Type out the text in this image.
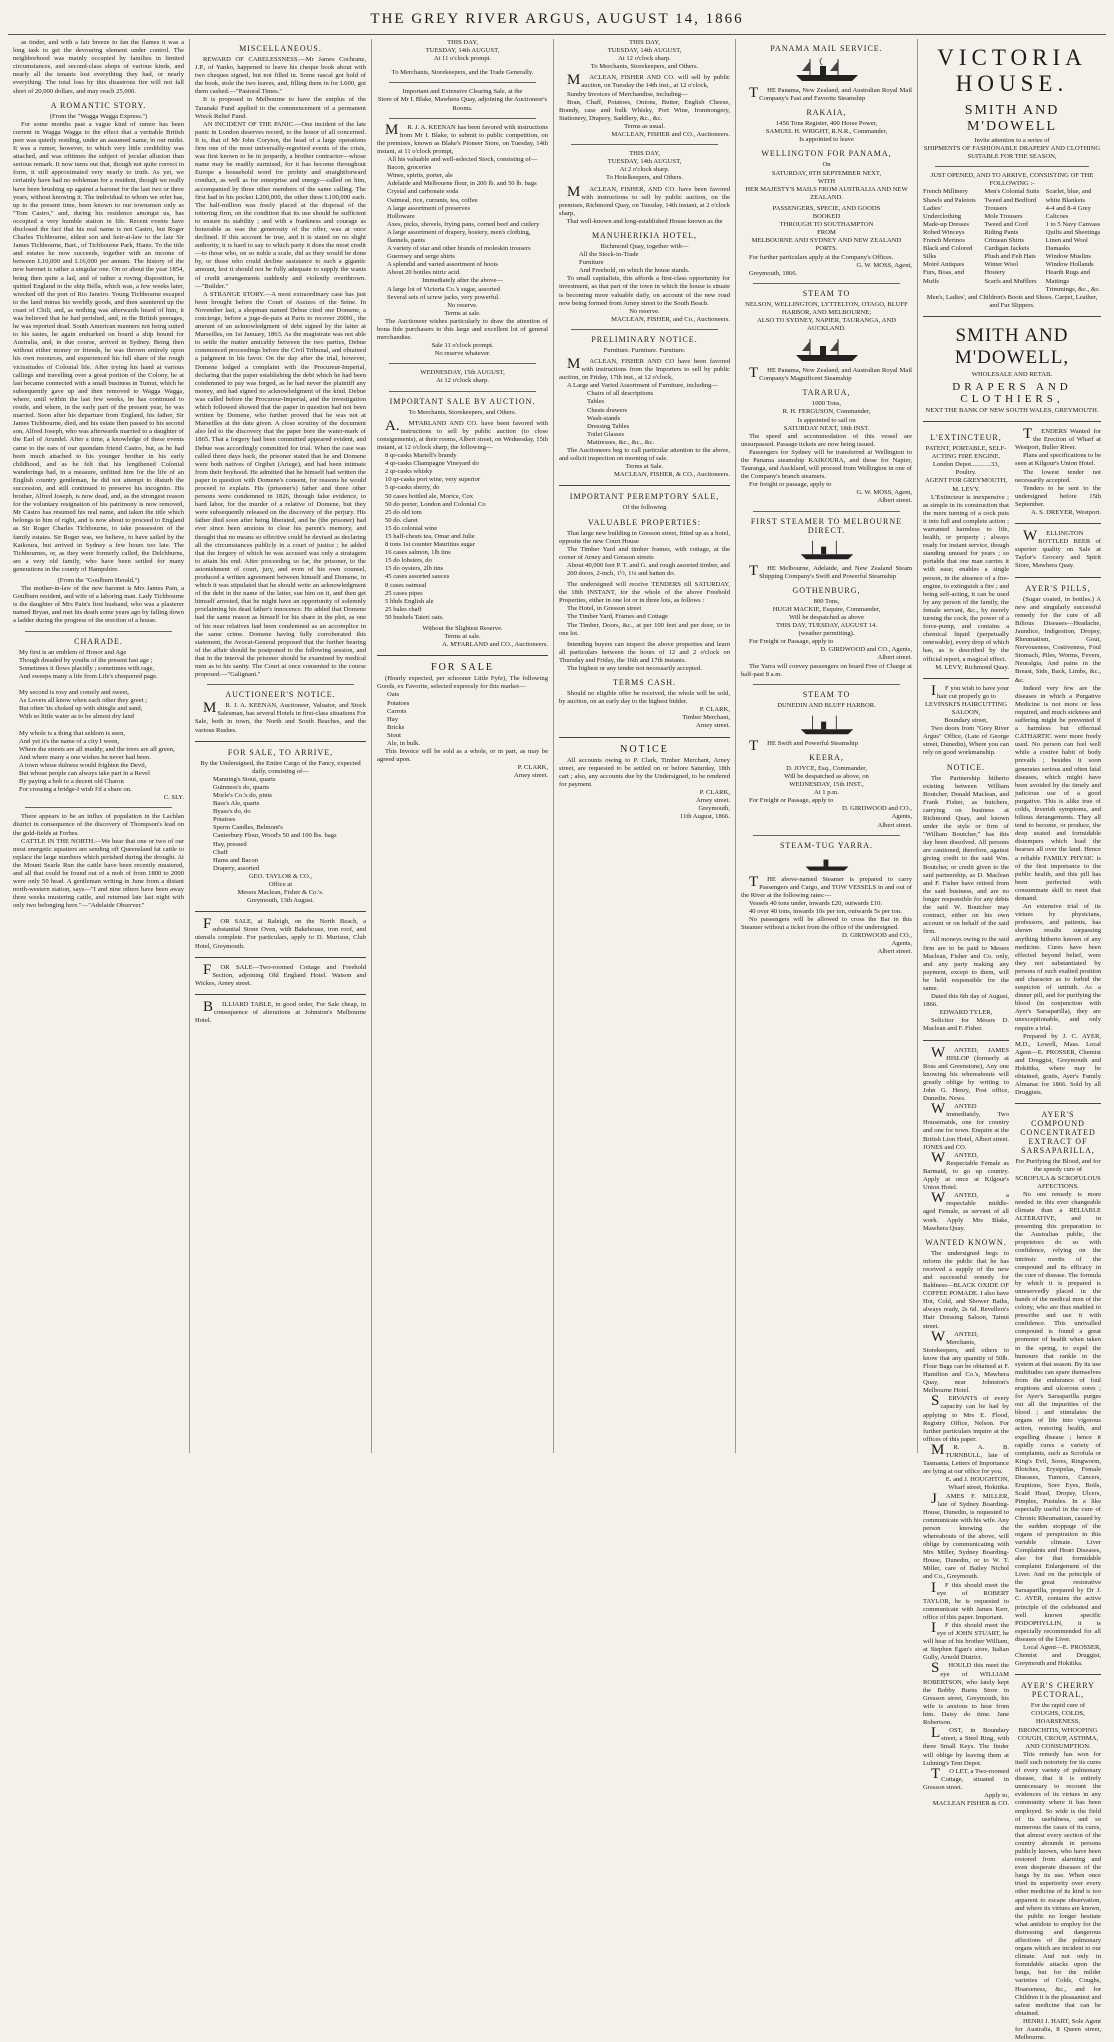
THE GREY RIVER ARGUS, AUGUST 14, 1866

as tinder, and with a fair breeze to fan the flames it was a long task to get the devouring element under control. The neighborhood was mainly occupied by families in limited circumstances, and second-class shops of various kinds, and nearly all the tenants lost everything they had, or nearly everything. The total loss by this disastrous fire will not fall short of 20,000 dollars, and may reach 25,000.

A ROMANTIC STORY.

(From the "Wagga Wagga Express.")

For some months past a vague kind of rumor has been current in Wagga Wagga to the effect that a veritable British peer was quietly residing, under an assumed name, in our midst. It was a rumor, however, to which very little credibility was attached, and was ofttimes the subject of jocular allusion than serious remark. It now turns out that, though not quite correct in form, it still approximated very nearly to truth. As yet, we certainly have had no nobleman for a resident, though we really have been brushing up against a baronet for the last two or three years, without knowing it. The individual to whom we refer has, up to the present time, been known to our townsmen only as "Tom Castro," and, during his residence amongst us, has occupied a very humble station in life. Recent events have disclosed the fact that his real name is not Castro, but Roger Charles Tichbourne, eldest son and heir-at-law to the late Sir James Tichbourne, Bart., of Tichbourne Park, Hants. To the title and estates he now succeeds, together with an income of between L10,000 and L16,000 per annum. The history of the new baronet is rather a singular one. On or about the year 1854, being then quite a lad, and of rather a roving disposition, he quitted England in the ship Bella, which was, a few weeks later, wrecked off the port of Rio Janeiro. Young Tichbourne escaped to the land minus his worldly goods, and then sauntered up the coast of Chili, and, as nothing was afterwards heard of him, it was believed that he had perished, and, in the British peerages, he was reported dead. South American manners not being suited to his tastes, he again embarked on board a ship bound for Australia, and, in due course, arrived in Sydney. Being then without either money or friends, he was thrown entirely upon his own resources, and experienced his full share of the rough vicissitudes of Colonial life. After trying his hand at various callings and travelling over a great portion of the Colony, he at last became connected with a small business in Tumut, which he subsequently gave up and then removed to Wagga Wagga, where, until within the last few weeks, he has continued to reside, and where, in the early part of the present year, he was married. Soon after his departure from England, his father, Sir James Tichbourne, died, and his estate then passed to his second son, Alfred Joseph, who was afterwards married to a daughter of the Earl of Arundel. After a time, a knowledge of these events came to the ears of our quondam friend Castro, but, as he had been much attached to his younger brother in his early childhood, and as he felt that his lengthened Colonial wanderings had, in a measure, unfitted him for the life of an English country gentleman, he did not attempt to disturb the succession, and still continued to preserve his incognito. His brother, Alfred Joseph, is now dead, and, as the strongest reason for the voluntary resignation of his patrimony is now removed, Mr Castro has resumed his real name, and taken the title which belongs to him of right, and is now about to proceed to England as Sir Roger Charles Tichbourne, to take possession of the family estates. Sir Roger was, we believe, to have sailed by the Kaikoura, but arrived in Sydney a few hours too late. The Tichbournes, or, as they were formerly called, the Delchburns, are a very old family, who have been settled for many generations in the county of Hampshire.

(From the "Goulburn Herald.")

The mother-in-law of the new baronet is Mrs James Pain, a Goulburn resident, and wife of a laboring man. Lady Tichbourne is the daughter of Mrs Pain's first husband, who was a plasterer named Bryan, and met his death some years ago by falling down a ladder during the progress of the erection of a house.

CHARADE.
My first is an emblem of Honor and Age
Though dreaded by youths of the present fast age ;
Sometimes it flows placidly ; sometimes with rage,
And sweeps many a life from Life's chequered page.

My second is rosy and comely and sweet,
As Lovers all know when each other they greet ;
But often 'tis choked up with shingle and sand,
With so little water as to be almost dry land

My whole is a thing that seldom is seen,
And yet it's the name of a city I ween,
Where the streets are all muddy, and the trees are all green,
And where many a one wishes he never had been.
A town whose dulness would frighten the Devil,
But whose people can always take part in a Revel
By paying a bob to a decent old Charon
For crossing a bridge-I wish I'd a share on.

C. SLY.

There appears to be an influx of population in the Lachlan district in consequence of the discovery of Thompson's lead on the gold-fields at Forbes.

CATTLE IN THE NORTH.—We hear that one or two of our most energetic squatters are sending off Queensland fat cattle to replace the large numbers which perished during the drought. At the Mount Searle Run the cattle have been recently mustered, and all that could be found out of a mob of from 1800 to 2000 were only 50 head. A gentleman writing in June from a distant north-western station, says—"I and nine others have been away three weeks mustering cattle, and returned late last night with only two belonging here."—"Adelaide Observer."

MISCELLANEOUS.

REWARD OF CARELESSNESS.—Mr James Cochrane, J.P., of Yanko, happened to leave his cheque book about with two cheques signed, but not filled in. Some rascal got hold of the book, stole the two leaves, and, filling them in for L600, got them cashed.—"Pastoral Times."

It is proposed in Melbourne to have the surplus of the Taranaki Fund applied to the commencement of a permanent Wreck Relief Fund.

AN INCIDENT OF THE PANIC.—One incident of the late panic in London deserves record, to the honor of all concerned. It is, that of Mr John Coryton, the head of a large operations firm one of the most universally-regretted events of the crisis, was first known to be in jeopardy, a brother contractor—whose name may be readily surmised, for it has become throughout Europe a household word for probity and straightforward conduct, as well as for enterprise and energy—called on him, accompanied by three other members of the same calling. The first had in his pocket L200,000, the other three L100,000 each. The half-million was freely placed at the disposal of the tottering firm, on the condition that its use should be sufficient to ensure its stability ; and with a frankness and courage as honorable as was the generosity of the offer, was at once declined. If this account be true, and it is stated on no slight authority, it is hard to say to which party it does the most credit—to those who, on so noble a scale, did as they would be done by, or those who could decline assistance to such a gigantic amount, lest it should not be fully adequate to supply the wants of credit arrangements suddenly and violently overthrown.—"Builder."

A STRANGE STORY.—A most extraordinary case has just been brought before the Court of Assizes of the Seine. In November last, a shopman named Debue cited one Domene, a concierge, before a juge-de-paix at Paris to recover 2000f., the amount of an acknowledgment of debt signed by the latter at Marseilles, on 1st January, 1863. As the magistrate was not able to settle the matter amicably between the two parties, Debue commenced proceedings before the Civil Tribunal, and obtained a judgment in his favor. On the day after the trial, however, Domene lodged a complaint with the Procureur-Imperial, declaring that the paper establishing the debt which he had been condemned to pay was forged, as he had never the plaintiff any money, and had signed no acknowledgment of the kind. Debue was called before the Procureur-Imperial, and the investigation which followed showed that the paper in question had not been written by Domene, who further proved that he was not at Marseilles at the date given. A close scrutiny of the document also led to the discovery that the paper bore the water-mark of 1865. That a forgery had been committed appeared evident, and Debue was accordingly committed for trial. When the case was called three days back, the prisoner stated that he and Domene were both natives of Orgibet (Ariege), and had been intimate from their boyhood. He admitted that he himself had written the paper in question with Domene's consent, for reasons he would proceed to explain. His (prisoner's) father and three other persons were condemned in 1826, through false evidence, to hard labor, for the murder of a relative of Domene, but they were subsequently released on the discovery of the perjury. His father died soon after being liberated, and he (the prisoner) had ever since been anxious to clear his parent's memory, and thought that no means so effective could be devised as declaring all the circumstances publicly in a court of justice ; he added that the forgery of which he was accused was only a stratagem to attain his end. After proceeding so far, the prisoner, to the astonishment of court, jury, and even of his own counsel, produced a written agreement between himself and Domene, in which it was stipulated that he should write an acknowledgment of the debt in the name of the latter, sue him on it, and then get himself arrested, that he might have an opportunity of solemnly proclaiming his dead father's innocence. He added that Domene had the same reason as himself for his share in the plot, as one of his near relatives had been condemned as an accomplice in the same crime. Domene having fully corroborated this statement, the Avocat-General proposed that the further hearing of the affair should be postponed to the following session, and that in the interval the prisoner should be examined by medical men as to his sanity. The Court at once consented to the course proposed.—"Galignani."

AUCTIONEER'S NOTICE.

MR. J. A. KEENAN, Auctioneer, Valuator, and Stock Salesman, has several Hotels in first-class situations For Sale, both in town, the North and South Beaches, and the various Rushes.

FOR SALE, TO ARRIVE,

By the Undersigned, the Entire Cargo of the Fancy, expected daily, consisting of—

Manning's Stout, quarts
Guinness's do, quarts
Morle's Co.'s do, pints
Bass's Ale, quarts
Byass's do, do
Potatoes
Sperm Candles, Belmont's
Canterbury Flour, Wood's 50 and 100 lbs. bags
Hay, pressed
Chaff
Hams and Bacon
Drapery, assorted
GEO. TAYLOR & CO.,
Office at
Messrs Maclean, Fisher & Co.'s.
Greymouth, 13th August.

FOR SALE, at Raleigh, on the North Beach, a substantial Stone Oven, with Bakehouse, iron roof, and utensils complete. For particulars, apply to D. Murison, Club Hotel, Greymouth.

FOR SALE—Two-roomed Cottage and Freehold Section, adjoining Old England Hotel. Watson and Wickes, Arney street.

BILLIARD TABLE, in good order, For Sale cheap, in consequence of alterations at Johnston's Melbourne Hotel.

THIS DAY,
TUESDAY, 14th AUGUST,
At 11 o'clock prompt.

To Merchants, Storekeepers, and the Trade Generally.

Important and Extensive Clearing Sale, at the

Store of Mr I. Blake, Mawhera Quay, adjoining the Auctioneer's Rooms.

MR. J. A. KEENAN has been favored with instructions from Mr I. Blake, to submit to public competition, on the premises, known as Blake's Pioneer Store, on Tuesday, 14th instant, at 11 o'clock prompt,

All his valuable and well-selected Stock, consisting of—

Bacon, groceries
Wines, spirits, porter, ale
Adelaide and Melbourne flour, in 200 lb. and 50 lb. bags
Crystal and carbonate soda
Oatmeal, rice, currants, tea, coffee
A large assortment of preserves
Holloware
Axes, picks, shovels, frying pans, corned beef and cutlery
A large assortment of drapery, hosiery, men's clothing, flannels, pants
A variety of star and other brands of moleskin trousers
Guernsey and serge shirts
A splendid and varied assortment of boots
About 20 bottles nitric acid.

Immediately after the above—

A large lot of Victoria Co.'s sugar, assorted
Several sets of screw jacks, very powerful.

No reserve.

Terms at sale.

The Auctioneer wishes particularly to draw the attention of bona fide purchasers to this large and excellent lot of general merchandise.

Sale 11 o'clock prompt.

No reserve whatever.

WEDNESDAY, 15th AUGUST,
At 12 o'clock sharp.
IMPORTANT SALE BY AUCTION.

To Merchants, Storekeepers, and Others.

A.M'FARLAND AND CO. have been favored with instructions to sell by public auction (to close consignments), at their rooms, Albert street, on Wednesday, 15th instant, at 12 o'clock sharp, the following—

8 qr-casks Martell's brandy
4 qr-casks Champagne Vineyard do
2 qr-casks whisky
10 qr-casks port wine, very superior
5 qr-casks sherry, do
50 cases bottled ale, Morice, Cox
50 do porter, London and Colonial Co
25 do old tom
50 do. claret
15 do colonial wine
15 half-chests tea, Omar and Julie
8 tons 1st counter Mauritius sugar
16 cases salmon, 1lb tins
15 do lobsters, do
15 do oysters, 2lb tins
45 cases assorted sauces
8 cases oatmeal
25 cases pipes
5 hhds English ale
25 bales chaff
50 bushels Taieri oats.

Without the Slightest Reserve.

Terms at sale.

A. M'FARLAND and CO., Auctioneers.

FOR SALE

(Hourly expected, per schooner Little Fyfe), The following Goods, ex Favorite, selected expressly for this market—

Oats
Potatoes
Carrots
Hay
Bricks
Stout
Ale, in bulk.

This Invoice will be sold as a whole, or in part, as may be agreed upon.

P. CLARK,
Arney street.
THIS DAY,
TUESDAY, 14th AUGUST,
At 12 o'clock sharp.

To Merchants, Storekeepers, and Others.

MACLEAN, FISHER AND CO. will sell by public auction, on Tuesday the 14th inst., at 12 o'clock,

Sundry Invoices of Merchandise, including—

Bran, Chaff, Potatoes, Onions, Butter, English Cheese, Brandy, case and bulk Whisky, Port Wine, Ironmongery, Stationery, Drapery, Saddlery, &c., &c.

Terms as usual.

MACLEAN, FISHER and CO., Auctioneers.

THIS DAY,
TUESDAY, 14th AUGUST,
At 2 o'clock sharp.

To Hotelkeepers, and Others.

MACLEAN, FISHER, AND CO. have been favored with instructions to sell by public auction, on the premises, Richmond Quay, on Tuesday, 14th instant, at 2 o'clock sharp,

That well-known and long-established House known as the

MANUHERIKIA HOTEL,

Richmond Quay, together with—

All the Stock-in-Trade
Furniture
And Freehold, on which the house stands.

To small capitalists, this affords a first-class opportunity for investment, as that part of the town in which the house is situate is becoming more valuable daily, on account of the new road now being formed from Arney street to the South Beach.

No reserve.

MACLEAN, FISHER, and Co., Auctioneers.

PRELIMINARY NOTICE.

Furniture. Furniture. Furniture.

MACLEAN, FISHER AND CO have been favored with instructions from the Importers to sell by public auction, on Friday, 17th inst., at 12 o'clock,

A Large and Varied Assortment of Furniture, including—

Chairs of all descriptions
Tables
Chests drawers
Wash-stands
Dressing Tables
Toilet Glasses
Mattresses, &c., &c., &c.

The Auctioneers beg to call particular attention to the above, and solicit inspection on morning of sale.

Terms at Sale.

MACLEAN, FISHER, & CO., Auctioneers.

IMPORTANT PEREMPTORY SALE,

Of the following

VALUABLE PROPERTIES:

That large new building in Gresson street, fitted up as a hotel, opposite the new Court House

The Timber Yard and timber frames, with cottage, at the corner of Arney and Gresson streets

About 40,000 feet P. T. and G. and rough assorted timber, and

200 doors, 2-inch, 1½, 1¼ and batten do.

The undersigned will receive TENDERS till SATURDAY, the 18th INSTANT, for the whole of the above Freehold Properties, either in one lot or in three lots, as follows :

The Hotel, in Gresson street

The Timber Yard, Frames and Cottage

The Timber, Doors, &c., at per 100 feet and per door, or in one lot.

Intending buyers can inspect the above properties and learn all particulars between the hours of 12 and 2 o'clock on Thursday and Friday, the 16th and 17th instants.

The highest or any tender not necessarily accepted.

TERMS CASH.

Should no eligible offer be received, the whole will be sold, by auction, on an early day to the highest bidder.

P. CLARK,
Timber Merchant,
Arney street.
NOTICE

All accounts owing to P. Clark, Timber Merchant, Arney street, are requested to be settled on or before Saturday, 18th cart ; also, any accounts due by the Undersigned, to be rendered for payment.

P. CLARK,
Arney street.
Greymouth,
11th August, 1866.
PANAMA MAIL SERVICE.

THE Panama, New Zealand, and Australian Royal Mail Company's Fast and Favorite Steamship

RAKAIA,

1456 Tons Register, 400 Horse Power,

SAMUEL H. WRIGHT, R.N.R., Commander,

Is appointed to leave

WELLINGTON FOR PANAMA,

On

SATURDAY, 8TH SEPTEMBER NEXT,

WITH

HER MAJESTY'S MAILS FROM AUSTRALIA AND NEW ZEALAND.

PASSENGERS, SPECIE, AND GOODS

BOOKED

THROUGH TO SOUTHAMPTON

FROM

MELBOURNE AND SYDNEY AND NEW ZEALAND PORTS.

For further particulars apply at the Company's Offices.

G. W. MOSS, Agent,

Greymouth, 1866.

STEAM TO

NELSON, WELLINGTON, LYTTELTON, OTAGO, BLUFF HARBOR, AND MELBOURNE;

ALSO TO SYDNEY, NAPIER, TAURANGA, AND AUCKLAND.

THE Panama, New Zealand, and Australian Royal Mail Company's Magnificent Steamship

TARARUA,

1000 Tons,

R. H. FERGUSON, Commander,

Is appointed to sail on

SATURDAY NEXT, 18th INST.

The speed and accommodation of this vessel are unsurpassed. Passage tickets are now being issued.

Passengers for Sydney will be transferred at Wellington to the Panama steamship KAIKOURA, and those for Napier, Tauranga, and Auckland, will proceed from Wellington in one of the Company's branch steamers.

For freight or passage, apply to

G. W. MOSS, Agent,
Albert street.
FIRST STEAMER TO MELBOURNE DIRECT.

THE Melbourne, Adelaide, and New Zealand Steam Shipping Company's Swift and Powerful Steamship

GOTHENBURG,

800 Tons,

HUGH MACKIE, Esquire, Commander,

Will be despatched as above

THIS DAY, TUESDAY, AUGUST 14.

(weather permitting).

For Freight or Passage, apply to

D. GIRDWOOD and CO., Agents,

Albert street.

The Yarra will convey passengers on board Free of Charge at half-past 8 a.m.

STEAM TO

DUNEDIN AND BLUFF HARBOR.

THE Swift and Powerful Steamship

KEERA,

D. JOYCE, Esq., Commander,

Will be despatched as above, on

WEDNESDAY, 15th INST.,

At 1 p.m.

For Freight or Passage, apply to

D. GIRDWOOD and CO.,
Agents,
Albert street.
STEAM-TUG YARRA.

THE above-named Steamer is prepared to carry Passengers and Cargo, and TOW VESSELS in and out of the River at the following rates:—

Vessels 40 tons under, inwards £20, outwards £10.

40 over 40 tons, inwards 10s per ton, outwards 5s per ton.

No passengers will be allowed to cross the Bar in this Steamer without a ticket from the office of the undersigned.

D. GIRDWOOD and CO.,
Agents,
Albert street.
VICTORIA HOUSE.
SMITH AND M'DOWELL

Invite attention to a series of

SHIPMENTS OF FASHIONABLE DRAPERY AND CLOTHING SUITABLE FOR THE SEASON,

JUST OPENED, AND TO ARRIVE, CONSISTING OF THE FOLLOWING :-

French Millinery
Shawls and Paletots
Ladies' Underclothing
Made-up Dresses
Robed Winceys
French Merinos
Black and Colored Silks
Moiré Antiques
Furs, Boas, and Muffs
Men's Colonial Suits
Tweed and Bedford Trousers
Mole Trousers
Tweed and Cord Riding Pants
Crimean Shirts
Cardigan Jackets
Plush and Felt Hats
Winter Wool Hosiery
Scarfs and Mufflers
Scarlet, blue, and white Blankets
4-4 and 8-4 Grey Calicoes
1 to 5 Navy Canvass
Quilts and Sheetings
Linen and Wool Damasks
Window Muslins
Window Hollands
Hearth Rugs and Mattings
Trimmings, &c., &c.

Men's, Ladies', and Children's Boots and Shoes. Carpet, Leather, and Fur Slippers.

SMITH AND M'DOWELL,

WHOLESALE AND RETAIL

DRAPERS AND CLOTHIERS,

NEXT THE BANK OF NEW SOUTH WALES, GREYMOUTH.

L'EXTINCTEUR,

PATENT, PORTABLE, SELF-ACTING FIRE ENGINE.

London Depot............33, Poultry.

AGENT FOR GREYMOUTH,

M. LEVY.

L'Extincteur is inexpensive ; as simple in its construction that the mere turning of a cock puts it into full and complete action ; warranted harmless to life, health, or property ; always ready for instant service, though standing unused for years ; so portable that one man carries it with ease; enables a single person, in the absence of a fire-engine, to extinguish a fire ; and being self-acting, it can be used by any person of the family, the female servant, &c., by merely turning the cock, the power of a force-pump, and contains a chemical liquid (perpetually renewable), every drop of which has, as is described by the official report, a magical effect.

M. LEVY, Richmond Quay.

IF you wish to have your hair cut properly go to

LEVINSKI'S HAIRCUTTING SALOON,

Boundary street,

Two doors from "Grey River Argus" Office, (Late of George street, Dunedin), Where you can rely on good workmanship.

NOTICE.

The Partnership hitherto existing between William Boutcher, Donald Maclean, and Frank Fisher, as butchers, carrying on business at Richmond Quay, and known under the style or firm of "William Boutcher," has this day been dissolved. All persons are cautioned, therefore, against giving credit to the said Wm. Boutcher, or credit given to the said partnership, as D. Maclean and F. Fisher have retired from the said business, and are no longer responsible for any debts the said W. Boutcher may contract, either on his own account or on behalf of the said firm.

All moneys owing to the said firm are to be paid to Messrs Maclean, Fisher and Co. only, and any party making any payment, except to them, will be held responsible for the same.

Dated this 6th day of August, 1866.

EDWARD TYLER,

Solicitor for Messrs D. Maclean and F. Fisher.

WANTED, JAMES HISLOP (formerly at Ross and Greenstone), Any one knowing his whereabouts will greatly oblige by writing to John G. Henry, Post office, Dunedin. News.

WANTED immediately, Two Housemaids, one for country and one for town. Enquire at the British Lion Hotel, Albert street. JONES and CO.

WANTED, Respectable Female as Barmaid, to go up country. Apply at once at Kilgour's Union Hotel.

WANTED, a respectable middle-aged Female, as servant of all work. Apply Mrs Blake, Mawhera Quay.

WANTED KNOWN.

The undersigned begs to inform the public that he has received a supply of the new and successful remedy for Baldness—BLACK OXIDE OF COFFEE POMADE. I also have Hot, Cold, and Shower Baths, always ready, 2s 6d. Revellers's Hair Dressing Saloon, Tainui street.

WANTED, Merchants, Storekeepers, and others to know that any quantity of 50lb. Flour Bags can be obtained at F. Hamilton and Co.'s, Mawhera Quay, near Johnston's Melbourne Hotel.

SERVANTS of every capacity can be had by applying to Mrs E. Flood, Registry Office, Nelson. For further particulars inquire at the offices of this paper.

MR. A. B. TURNBULL, late of Tasmania, Letters of Importance are lying at our office for you.

E. and J. HOUGHTON,
Wharf street, Hokitika.

JAMES F. MILLER, late of Sydney Boarding-House, Dunedin, is requested to communicate with his wife. Any person knowing the whereabouts of the above, will oblige by communicating with Mrs Miller, Sydney Boarding-House, Dunedin, or to W. T. Miller, care of Bailey Nichol and Co., Greymouth.

IF this should meet the eye of ROBERT TAYLOR, he is requested to communicate with James Kerr, office of this paper. Important.

IF this should meet the eye of JOHN STUART, he will hear of his brother William, at Stephen Egan's store, Italian Gully, Arnold District.

SHOULD this meet the eye of WILLIAM ROBERTSON, who lately kept the Bobby Burns Store in Gresson street, Greymouth, his wife is anxious to hear from him. Daisy do time. Jane Robertson.

LOST, in Boundary street, a Steel Ring, with three Small Keys. The finder will oblige by leaving them at Luhning's Tent Depot.

TO LET, a Two-roomed Cottage, situated in Gresson street.

Apply to,
MACLEAN FISHER & CO.

TENDERS Wanted for the Erection of Wharf at Westport, Buller River.

Plans and specifications to be seen at Kilgour's Union Hotel.

The lowest tender not necessarily accepted.

Tenders to be sent to the undersigned before 15th September.

A. S. DREYER, Westport.

WELLINGTON BOTTLED BEER of superior quality on Sale at Taylor's Grocery and Spirit Store, Mawhera Quay.

AYER'S PILLS,

(Sugar coated, in bottles.) A new and singularly successful remedy for the cure of all Bilious Diseases—Headache, Jaundice, Indigestion, Dropsy, Rheumatism, Gout, Nervousness, Costiveness, Foul Stomach, Piles, Worms, Fevers, Neuralgia, And pains in the Breast, Side, Back, Limbs, &c., &c.

Indeed very few are the diseases in which a Purgative Medicine is not more or less required, and much sickness and suffering might be prevented if a harmless but effectual CATHARTIC were more freely used. No person can feel well while a costive habit of body prevails ; besides it soon generates serious and often fatal diseases, which might have been avoided by the timely and judicious use of a good purgative. This is alike true of colds, feverish symptoms, and bilious derangements. They all tend to become, or produce, the deep seated and formidable distempers which load the hearses all over the land. Hence a reliable FAMILY PHYSIC is of the first importance to the public health, and this pill has been perfected with consummate skill to meet that demand.

An extensive trial of its virtues by physicians, professors, and patients, has shown results surpassing anything hitherto known of any medicine. Cures have been effected beyond belief, were they not substantiated by persons of such exalted position and character as to forbid the suspicion of untruth. As a dinner pill, and for purifying the blood (in conjunction with Ayer's Sarsaparilla), they are unexceptionable, and only require a trial.

Prepared by J. C. AYER, M.D., Lowell, Mass. Local Agent—E. PROSSER, Chemist and Druggist, Greymouth and Hokitika, where may be obtained, gratis, Ayer's Family Almanac for 1866. Sold by all Druggists.

AYER'S COMPOUND CONCENTRATED EXTRACT OF SARSAPARILLA,

For Purifying the Blood, and for the speedy cure of

SCROFULA & SCROFULOUS AFFECTIONS.

No one remedy is more needed in this ever changeable climate than a RELIABLE ALTERATIVE, and in presenting this preparation to the Australian public, the proprietors do so with confidence, relying on the intrinsic merits of the compound and its efficacy in the cure of disease. The formula by which it is prepared is unreservedly placed in the hands of the medical men of the colony, who are thus enabled to prescribe and use it with confidence. This unrivalled compound is found a great promoter of health when taken in the spring, to expel the humours that rankle in the system at that season. By its use multitudes can spare themselves from the endurance of foul eruptions and ulcerous sores ; for Ayer's Sarsaparilla purges out all the impurities of the blood ; and stimulates the organs of life into vigorous action, restoring health, and expelling disease ; hence it rapidly cures a variety of complaints, such as Scrofula or King's Evil, Sores, Ringworm, Blotches, Erysipelas, Female Diseases, Tumors, Cancers, Eruptions, Sore Eyes, Boils, Scald Head, Dropsy, Ulcers, Pimples, Pustules. In a like especially useful in the cure of Chronic Rheumatism, caused by the sudden stoppage of the organs of perspiration in this variable climate. Liver Complaints and Heart Diseases, also for that formidable complaint Enlargement of the Liver. And on the principle of the great restorative Sarsaparilla, prepared by Dr J. C. AYER, contains the active principle of the celebrated and well known specific PODOPHYLLIN, it is especially recommended for all diseases of the Liver.

Local Agent—E. PROSSER, Chemist and Druggist, Greymouth and Hokitika.

AYER'S CHERRY PECTORAL,

For the rapid cure of

COUGHS, COLDS, HOARSENESS, BRONCHITIS, WHOOPING COUGH, CROUP, ASTHMA, AND CONSUMPTION.

This remedy has won for itself such notoriety for its cures of every variety of pulmonary disease, that it is entirely unnecessary to recount the evidences of its virtues in any community where it has been employed. So wide is the field of its usefulness, and so numerous the cases of its cures, that almost every section of the country abounds in persons publicly known, who have been restored from alarming and even desperate diseases of the lungs by its use. When once tried its superiority over every other medicine of its kind is too apparent to escape observation, and where its virtues are known, the public no longer hesitate what antidote to employ for the distressing and dangerous affections of the pulmonary organs which are incident to our climate. And not only in formidable attacks upon the lungs, but for the milder varieties of Colds, Coughs, Hoarseness, &c., and for Children it is the pleasantest and safest medicine that can be obtained.

HENRI J. HART, Sole Agent for Australia, 8 Queen street, Melbourne.
